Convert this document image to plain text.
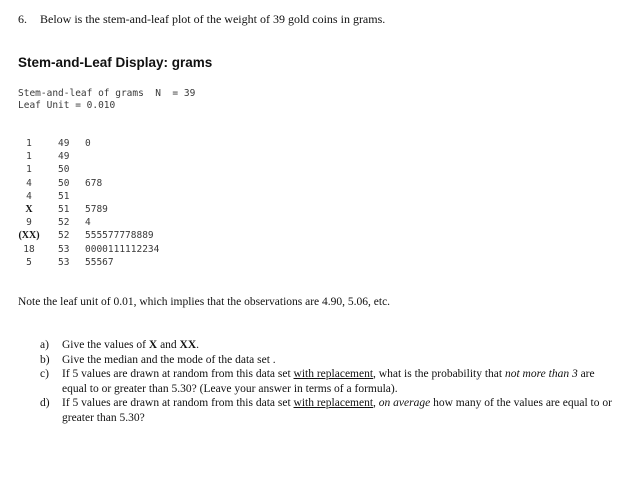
6. Below is the stem-and-leaf plot of the weight of 39 gold coins in grams.
Stem-and-Leaf Display: grams
Stem-and-leaf of grams  N  = 39
Leaf Unit = 0.010
1	49 0
1	49
1	50
4	50 678
4	51
X	51 5789
9	52 4
(XX) 52 555577778889
18	53 0000111112234
5	53 55567
Note the leaf unit of 0.01, which implies that the observations are 4.90, 5.06, etc.
a) Give the values of X and XX.
b) Give the median and the mode of the data set .
c) If 5 values are drawn at random from this data set with replacement, what is the probability that not more than 3 are equal to or greater than 5.30? (Leave your answer in terms of a formula).
d) If 5 values are drawn at random from this data set with replacement, on average how many of the values are equal to or greater than 5.30?
